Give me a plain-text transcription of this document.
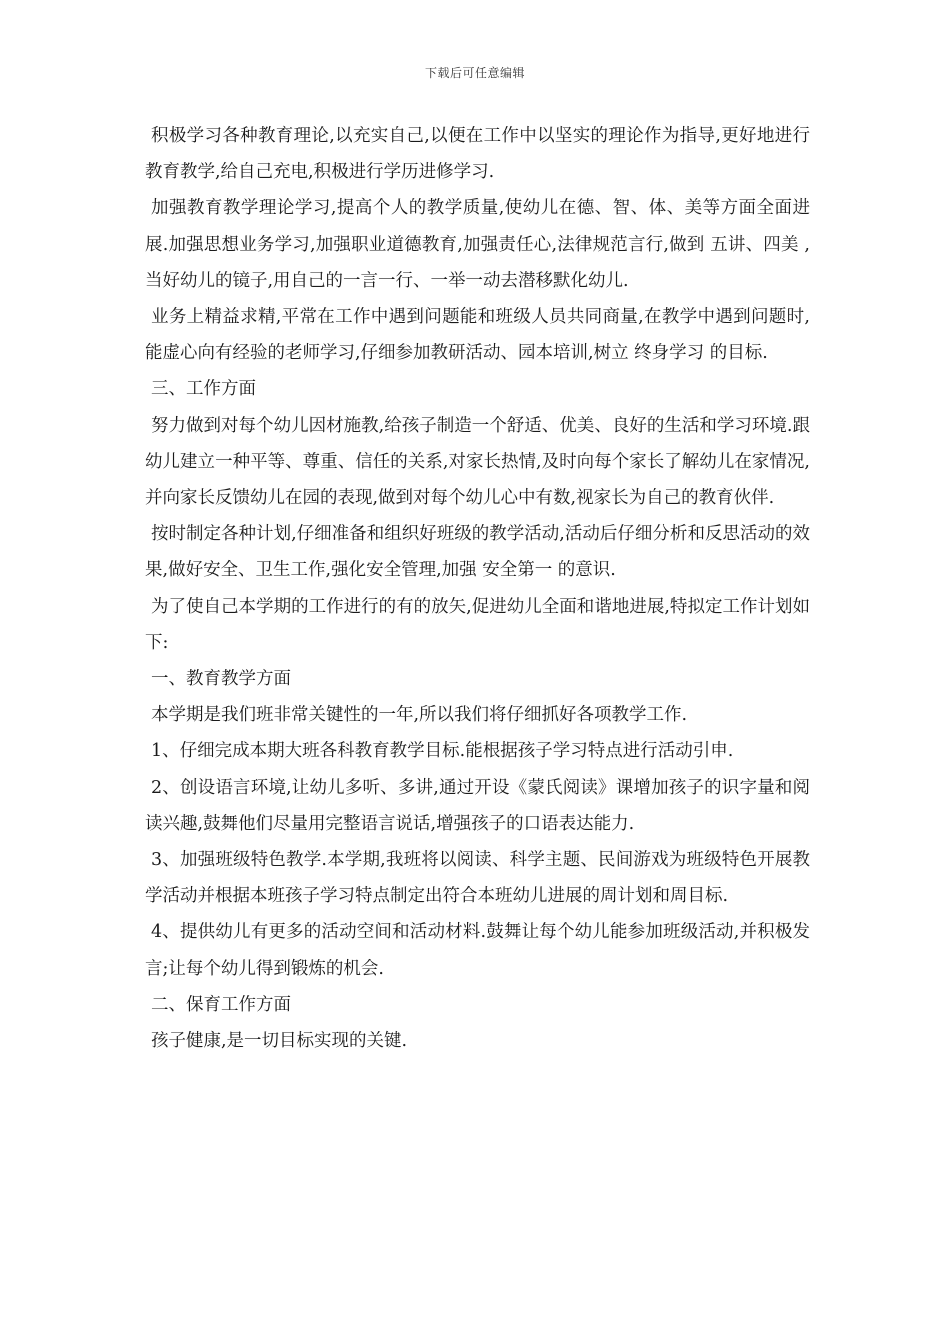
下载后可任意编辑

积极学习各种教育理论,以充实自己,以便在工作中以坚实的理论作为指导,更好地进行教育教学,给自己充电,积极进行学历进修学习.

加强教育教学理论学习,提高个人的教学质量,使幼儿在德、智、体、美等方面全面进展.加强思想业务学习,加强职业道德教育,加强责任心,法律规范言行,做到 五讲、四美 ,当好幼儿的镜子,用自己的一言一行、一举一动去潜移默化幼儿.

业务上精益求精,平常在工作中遇到问题能和班级人员共同商量,在教学中遇到问题时,能虚心向有经验的老师学习,仔细参加教研活动、园本培训,树立 终身学习 的目标.

三、工作方面

努力做到对每个幼儿因材施教,给孩子制造一个舒适、优美、良好的生活和学习环境.跟幼儿建立一种平等、尊重、信任的关系,对家长热情,及时向每个家长了解幼儿在家情况,并向家长反馈幼儿在园的表现,做到对每个幼儿心中有数,视家长为自己的教育伙伴.

按时制定各种计划,仔细准备和组织好班级的教学活动,活动后仔细分析和反思活动的效果,做好安全、卫生工作,强化安全管理,加强 安全第一 的意识.

为了使自己本学期的工作进行的有的放矢,促进幼儿全面和谐地进展,特拟定工作计划如下:

一、教育教学方面

本学期是我们班非常关键性的一年,所以我们将仔细抓好各项教学工作.

1、仔细完成本期大班各科教育教学目标.能根据孩子学习特点进行活动引申.

2、创设语言环境,让幼儿多听、多讲,通过开设《蒙氏阅读》课增加孩子的识字量和阅读兴趣,鼓舞他们尽量用完整语言说话,增强孩子的口语表达能力.

3、加强班级特色教学.本学期,我班将以阅读、科学主题、民间游戏为班级特色开展教学活动并根据本班孩子学习特点制定出符合本班幼儿进展的周计划和周目标.

4、提供幼儿有更多的活动空间和活动材料.鼓舞让每个幼儿能参加班级活动,并积极发言;让每个幼儿得到锻炼的机会.

二、保育工作方面

孩子健康,是一切目标实现的关键.
